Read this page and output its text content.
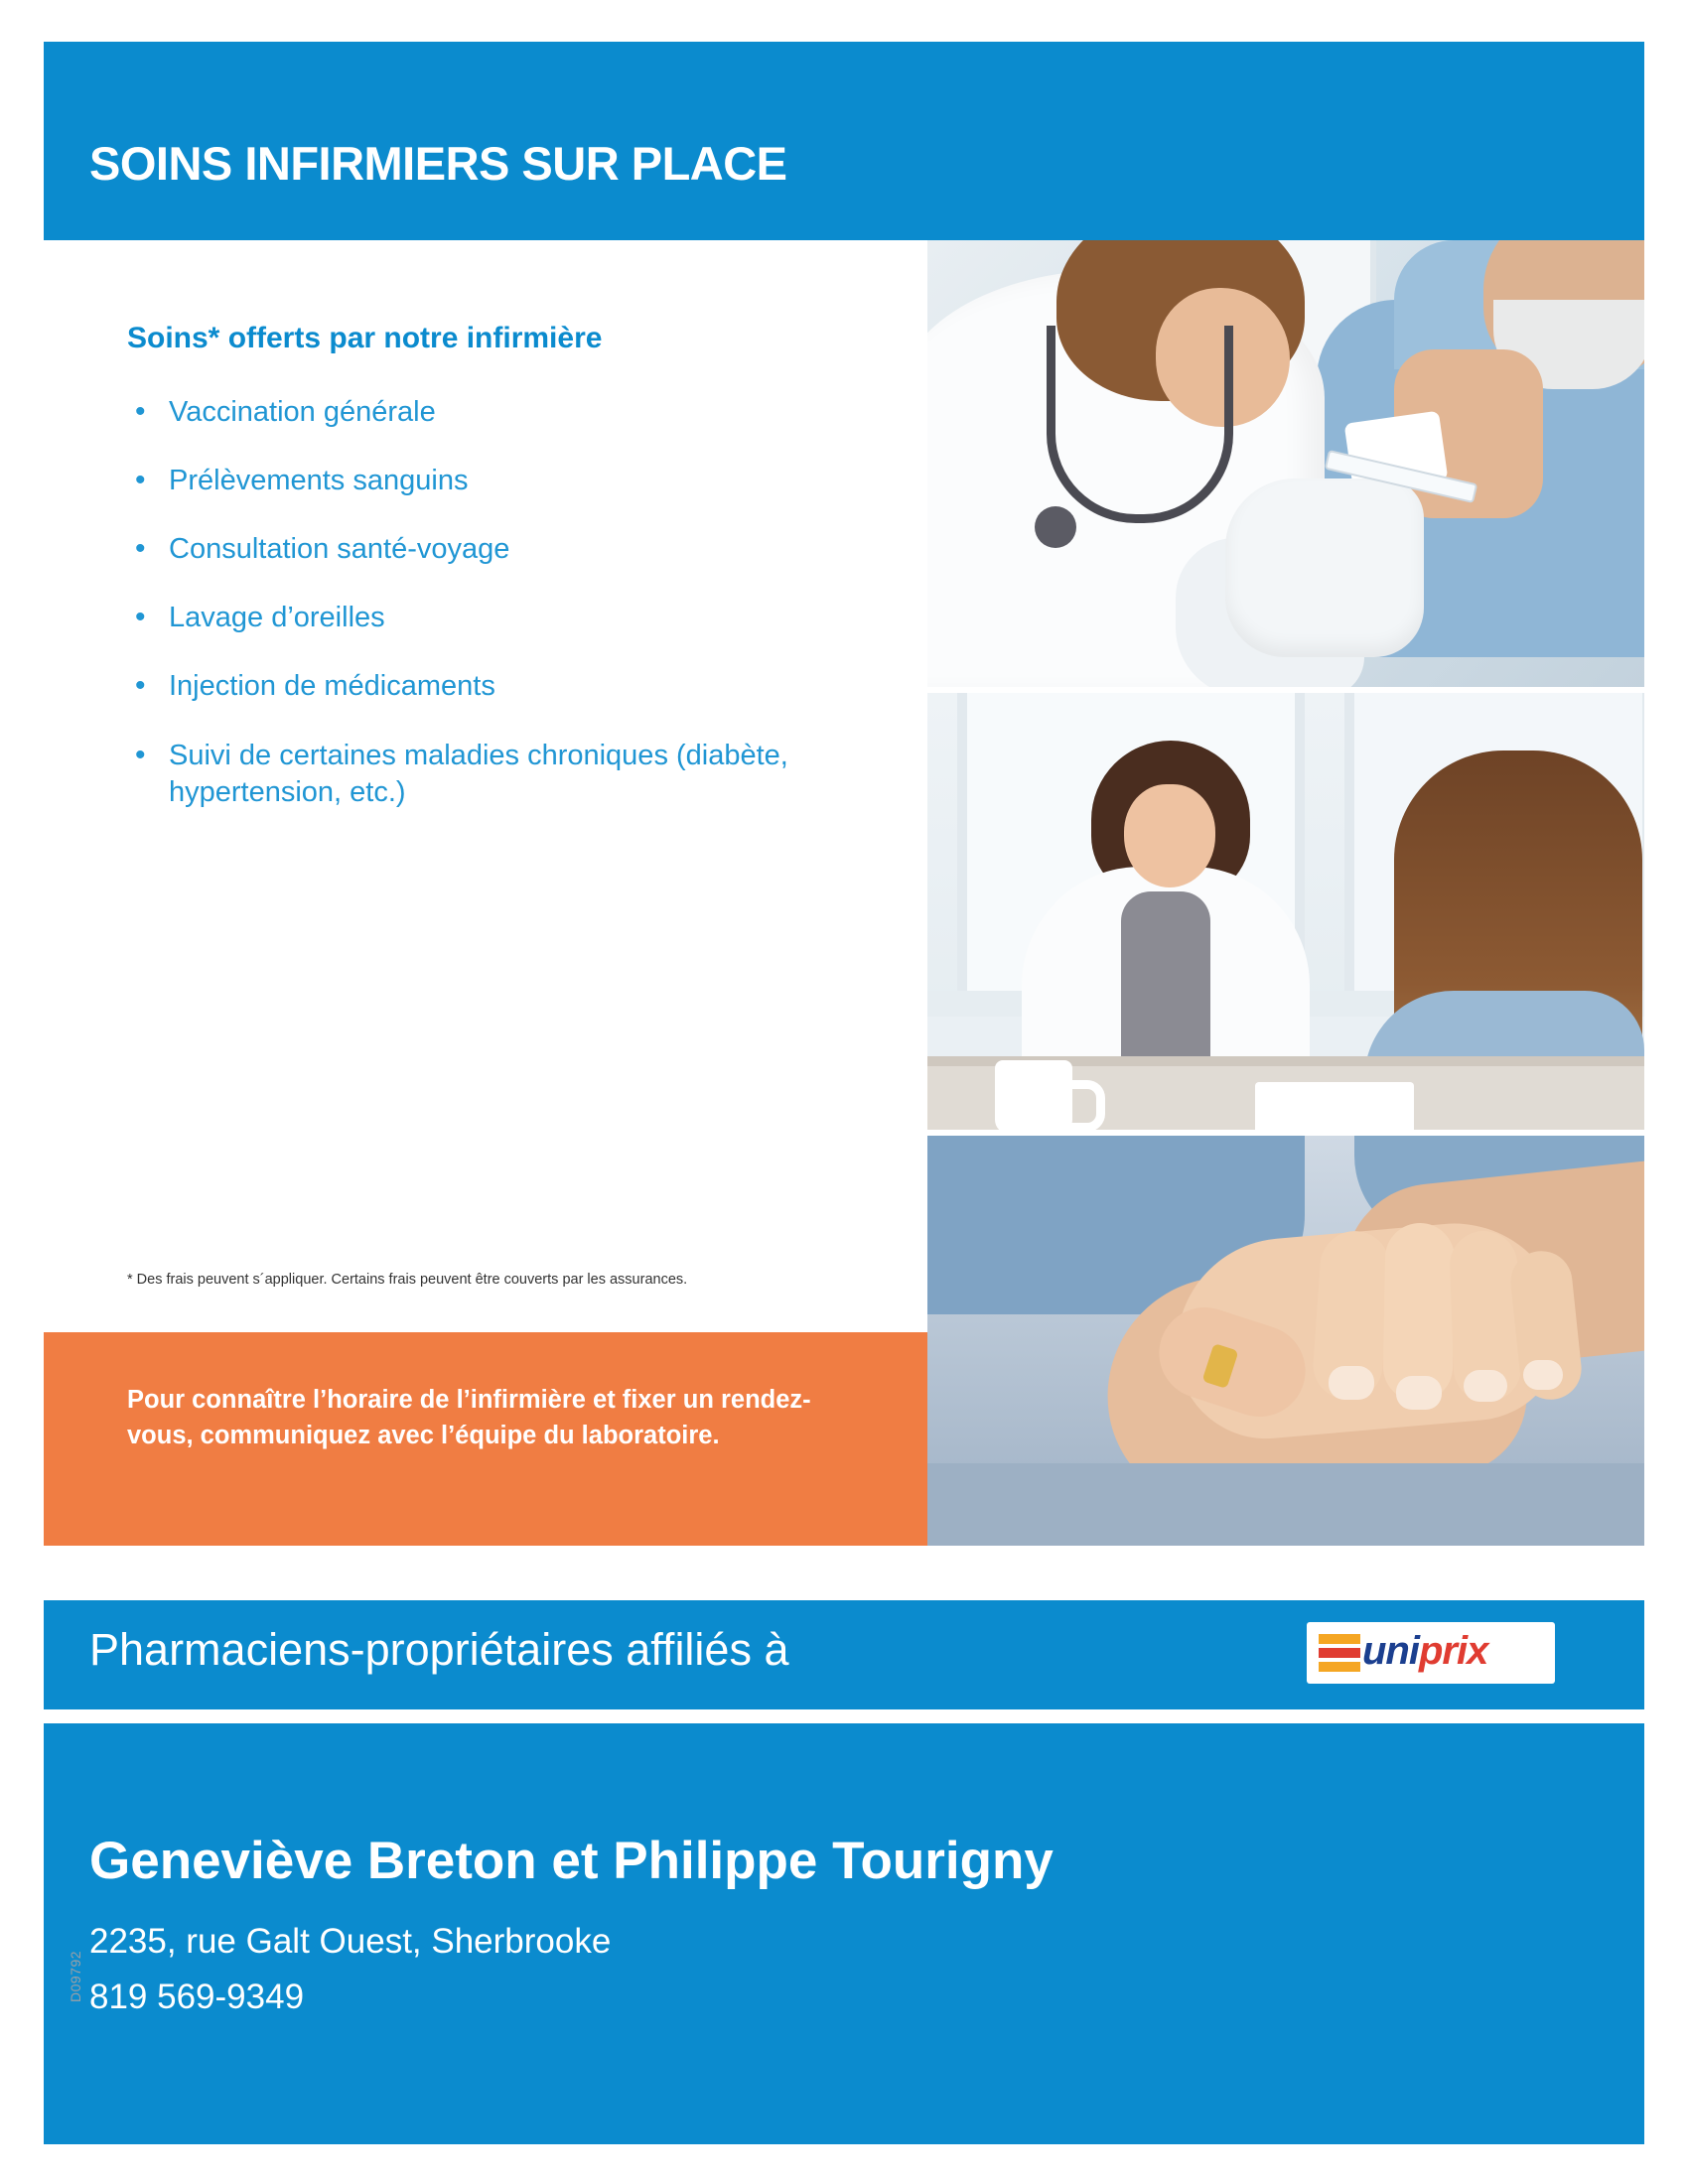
SOINS INFIRMIERS SUR PLACE
Soins* offerts par notre infirmière
• Vaccination générale
• Prélèvements sanguins
• Consultation santé-voyage
• Lavage d’oreilles
• Injection de médicaments
• Suivi de certaines maladies chroniques (diabète, hypertension, etc.)
* Des frais peuvent s´appliquer. Certains frais peuvent être couverts par les assurances.
Pour connaître l’horaire de l’infirmière et fixer un rendez-vous, communiquez avec l’équipe du laboratoire.
Pharmaciens-propriétaires affiliés à	uniprix
Geneviève Breton et Philippe Tourigny
2235, rue Galt Ouest, Sherbrooke
819 569-9349
D09792
